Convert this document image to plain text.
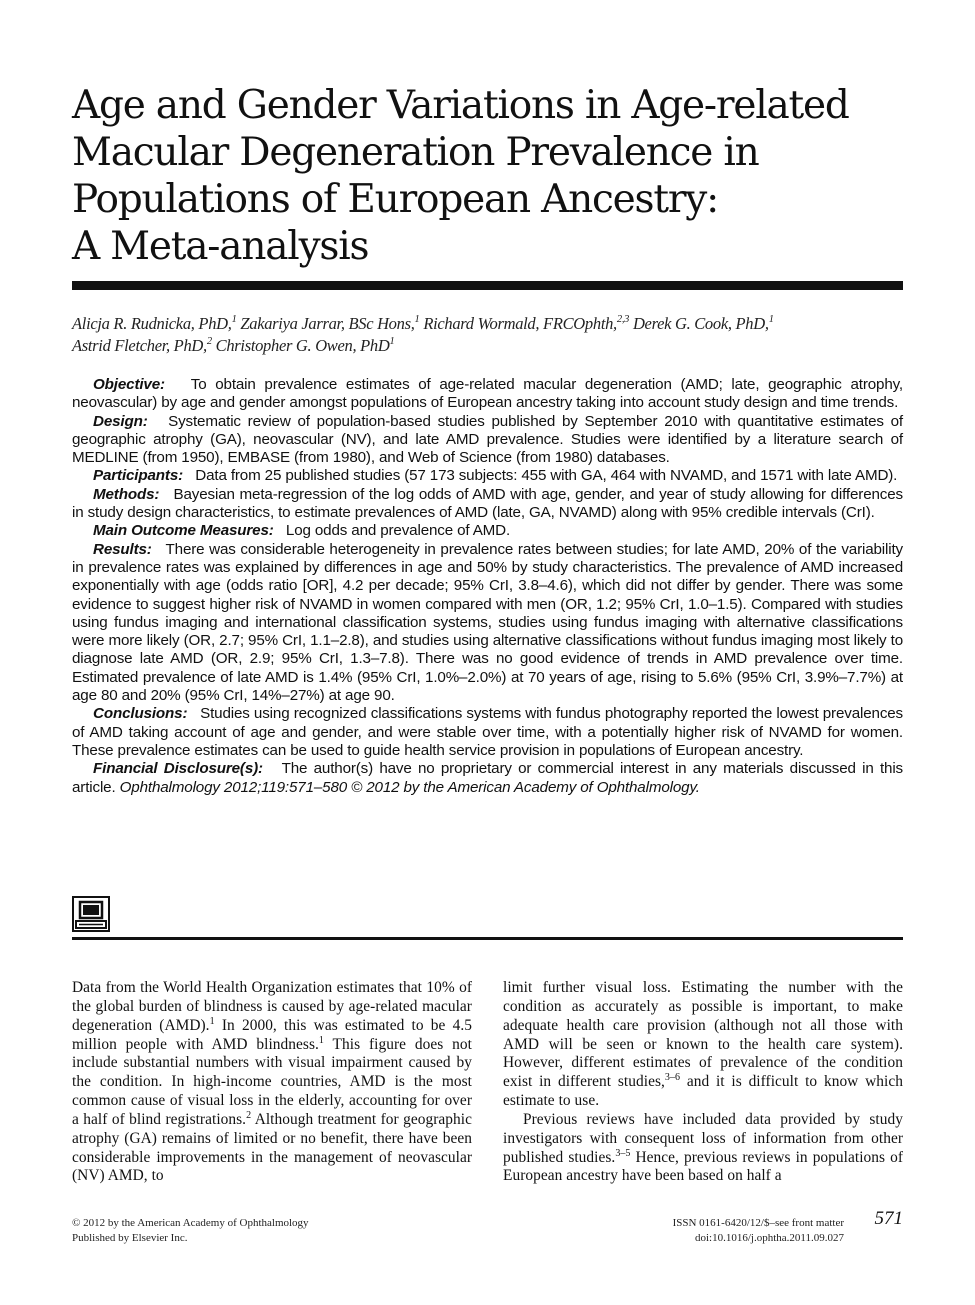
Age and Gender Variations in Age-related
Macular Degeneration Prevalence in
Populations of European Ancestry:
A Meta-analysis
Alicja R. Rudnicka, PhD,$^1$ Zakariya Jarrar, BSc Hons,$^1$ Richard Wormald, FRCOphth,$^{2,3}$ Derek G. Cook, PhD,$^1$
Astrid Fletcher, PhD,$^2$ Christopher G. Owen, PhD$^1$

Objective: To obtain prevalence estimates of age-related macular degeneration (AMD; late, geographic atrophy, neovascular) by age and gender amongst populations of European ancestry taking into account study design and time trends.

Design: Systematic review of population-based studies published by September 2010 with quantitative estimates of geographic atrophy (GA), neovascular (NV), and late AMD prevalence. Studies were identified by a literature search of MEDLINE (from 1950), EMBASE (from 1980), and Web of Science (from 1980) databases.

Participants: Data from 25 published studies (57 173 subjects: 455 with GA, 464 with NVAMD, and 1571 with late AMD).

Methods: Bayesian meta-regression of the log odds of AMD with age, gender, and year of study allowing for differences in study design characteristics, to estimate prevalences of AMD (late, GA, NVAMD) along with 95% credible intervals (CrI).

Main Outcome Measures: Log odds and prevalence of AMD.

Results: There was considerable heterogeneity in prevalence rates between studies; for late AMD, 20% of the variability in prevalence rates was explained by differences in age and 50% by study characteristics. The prevalence of AMD increased exponentially with age (odds ratio [OR], 4.2 per decade; 95% CrI, 3.8–4.6), which did not differ by gender. There was some evidence to suggest higher risk of NVAMD in women compared with men (OR, 1.2; 95% CrI, 1.0–1.5). Compared with studies using fundus imaging and international classification systems, studies using fundus imaging with alternative classifications were more likely (OR, 2.7; 95% CrI, 1.1–2.8), and studies using alternative classifications without fundus imaging most likely to diagnose late AMD (OR, 2.9; 95% CrI, 1.3–7.8). There was no good evidence of trends in AMD prevalence over time. Estimated prevalence of late AMD is 1.4% (95% CrI, 1.0%–2.0%) at 70 years of age, rising to 5.6% (95% CrI, 3.9%–7.7%) at age 80 and 20% (95% CrI, 14%–27%) at age 90.

Conclusions: Studies using recognized classifications systems with fundus photography reported the lowest prevalences of AMD taking account of age and gender, and were stable over time, with a potentially higher risk of NVAMD for women. These prevalence estimates can be used to guide health service provision in populations of European ancestry.

Financial Disclosure(s): The author(s) have no proprietary or commercial interest in any materials discussed in this article. Ophthalmology 2012;119:571–580 © 2012 by the American Academy of Ophthalmology.

Data from the World Health Organization estimates that 10% of the global burden of blindness is caused by age-related macular degeneration (AMD).$^1$ In 2000, this was estimated to be 4.5 million people with AMD blindness.$^1$ This figure does not include substantial numbers with visual impairment caused by the condition. In high-income countries, AMD is the most common cause of visual loss in the elderly, accounting for over a half of blind registrations.$^2$ Although treatment for geographic atrophy (GA) remains of limited or no benefit, there have been considerable improvements in the management of neovascular (NV) AMD, to

limit further visual loss. Estimating the number with the condition as accurately as possible is important, to make adequate health care provision (although not all those with AMD will be seen or known to the health care system). However, different estimates of prevalence of the condition exist in different studies,$^{3-6}$ and it is difficult to know which estimate to use.

Previous reviews have included data provided by study investigators with consequent loss of information from other published studies.$^{3-5}$ Hence, previous reviews in populations of European ancestry have been based on half a

© 2012 by the American Academy of Ophthalmology
Published by Elsevier Inc.
ISSN 0161-6420/12/$–see front matter
doi:10.1016/j.ophtha.2011.09.027
571
